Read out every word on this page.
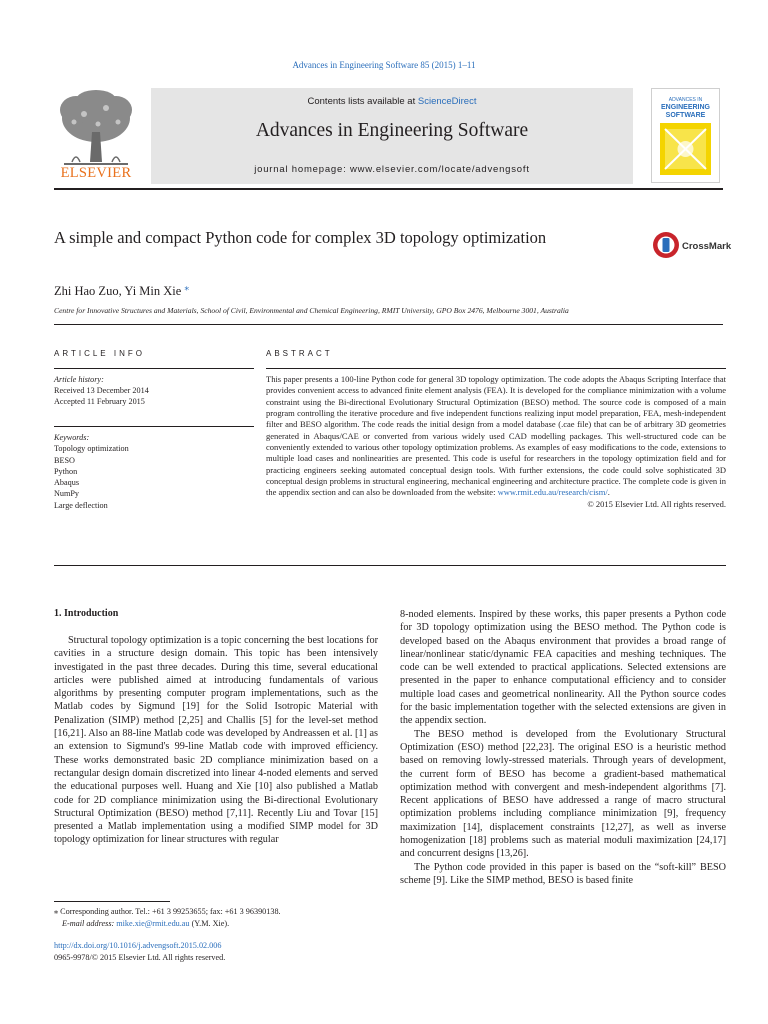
Advances in Engineering Software 85 (2015) 1–11
ELSEVIER
Contents lists available at ScienceDirect
Advances in Engineering Software
journal homepage: www.elsevier.com/locate/advengsoft
ADVANCES IN
ENGINEERING
SOFTWARE
A simple and compact Python code for complex 3D topology optimization	CrossMark
Zhi Hao Zuo, Yi Min Xie ⁎
Centre for Innovative Structures and Materials, School of Civil, Environmental and Chemical Engineering, RMIT University, GPO Box 2476, Melbourne 3001, Australia
ARTICLE INFO	ABSTRACT
Article history:
Received 13 December 2014
Accepted 11 February 2015
Keywords:
Topology optimization
BESO
Python
Abaqus
NumPy
Large deflection
This paper presents a 100-line Python code for general 3D topology optimization. The code adopts the Abaqus Scripting Interface that provides convenient access to advanced finite element analysis (FEA). It is developed for the compliance minimization with a volume constraint using the Bi-directional Evolutionary Structural Optimization (BESO) method. The source code is composed of a main program controlling the iterative procedure and five independent functions realizing input model preparation, FEA, mesh-independent filter and BESO algorithm. The code reads the initial design from a model database (.cae file) that can be of arbitrary 3D geometries generated in Abaqus/CAE or converted from various widely used CAD modelling packages. This well-structured code can be conveniently extended to various other topology optimization problems. As examples of easy modifications to the code, extensions to multiple load cases and nonlinearities are presented. This code is useful for researchers in the topology optimization field and for practicing engineers seeking automated conceptual design tools. With further extensions, the code could solve sophisticated 3D conceptual design problems in structural engineering, mechanical engineering and architecture practice. The complete code is given in the appendix section and can also be downloaded from the website: www.rmit.edu.au/research/cism/.
© 2015 Elsevier Ltd. All rights reserved.
1. Introduction

Structural topology optimization is a topic concerning the best locations for cavities in a structure design domain. This topic has been intensively investigated in the past three decades. During this time, several educational articles were published aimed at introducing fundamentals of various algorithms by presenting computer program implementations, such as the Matlab codes by Sigmund [19] for the Solid Isotropic Material with Penalization (SIMP) method [2,25] and Challis [5] for the level-set method [16,21]. Also an 88-line Matlab code was developed by Andreassen et al. [1] as an extension to Sigmund's 99-line Matlab code with improved efficiency. These works demonstrated basic 2D compliance minimization based on a rectangular design domain discretized into linear 4-noded elements and served the educational purposes well. Huang and Xie [10] also published a Matlab code for 2D compliance minimization using the Bi-directional Evolutionary Structural Optimization (BESO) method [7,11]. Recently Liu and Tovar [15] presented a Matlab implementation using a modified SIMP model for 3D topology optimization for linear structures with regular

8-noded elements. Inspired by these works, this paper presents a Python code for 3D topology optimization using the BESO method. The Python code is developed based on the Abaqus environment that provides a broad range of linear/nonlinear static/dynamic FEA capacities and meshing techniques. The code can be well extended to practical applications. Selected extensions are presented in the paper to enhance computational efficiency and to consider multiple load cases and geometrical nonlinearity. All the Python source codes for the basic implementation together with the selected extensions are given in the appendix section.

The BESO method is developed from the Evolutionary Structural Optimization (ESO) method [22,23]. The original ESO is a heuristic method based on removing lowly-stressed materials. Through years of development, the current form of BESO has become a gradient-based mathematical optimization method with convergent and mesh-independent algorithms [7]. Recent applications of BESO have addressed a range of macro structural optimization problems including compliance minimization [9], frequency maximization [14], displacement constraints [12,27], as well as inverse homogenization [18] problems such as material moduli maximization [24,17] and concurrent designs [13,26].

The Python code provided in this paper is based on the “soft-kill” BESO scheme [9]. Like the SIMP method, BESO is based finite

⁎ Corresponding author. Tel.: +61 3 99253655; fax: +61 3 96390138.
E-mail address: mike.xie@rmit.edu.au (Y.M. Xie).
http://dx.doi.org/10.1016/j.advengsoft.2015.02.006
0965-9978/© 2015 Elsevier Ltd. All rights reserved.
